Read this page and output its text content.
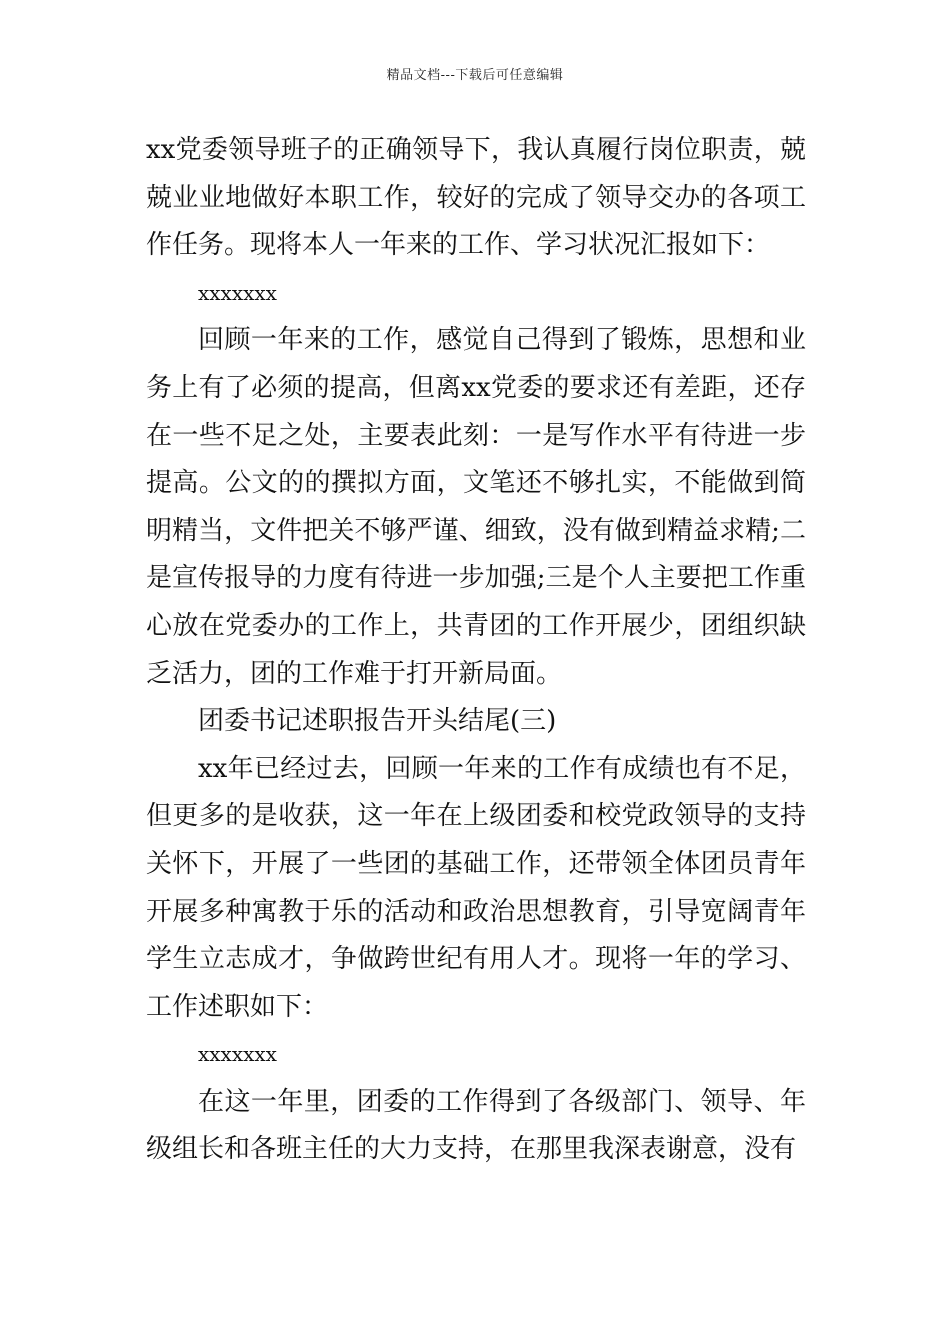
精品文档---下载后可任意编辑

xx党委领导班子的正确领导下，我认真履行岗位职责，兢兢业业地做好本职工作，较好的完成了领导交办的各项工作任务。现将本人一年来的工作、学习状况汇报如下：

xxxxxxx

回顾一年来的工作，感觉自己得到了锻炼，思想和业务上有了必须的提高，但离xx党委的要求还有差距，还存在一些不足之处，主要表此刻：一是写作水平有待进一步提高。公文的的撰拟方面，文笔还不够扎实，不能做到简明精当，文件把关不够严谨、细致，没有做到精益求精;二是宣传报导的力度有待进一步加强;三是个人主要把工作重心放在党委办的工作上，共青团的工作开展少，团组织缺乏活力，团的工作难于打开新局面。

团委书记述职报告开头结尾(三)

xx年已经过去，回顾一年来的工作有成绩也有不足，但更多的是收获，这一年在上级团委和校党政领导的支持关怀下，开展了一些团的基础工作，还带领全体团员青年开展多种寓教于乐的活动和政治思想教育，引导宽阔青年学生立志成才，争做跨世纪有用人才。现将一年的学习、工作述职如下：

xxxxxxx

在这一年里，团委的工作得到了各级部门、领导、年级组长和各班主任的大力支持，在那里我深表谢意，没有
